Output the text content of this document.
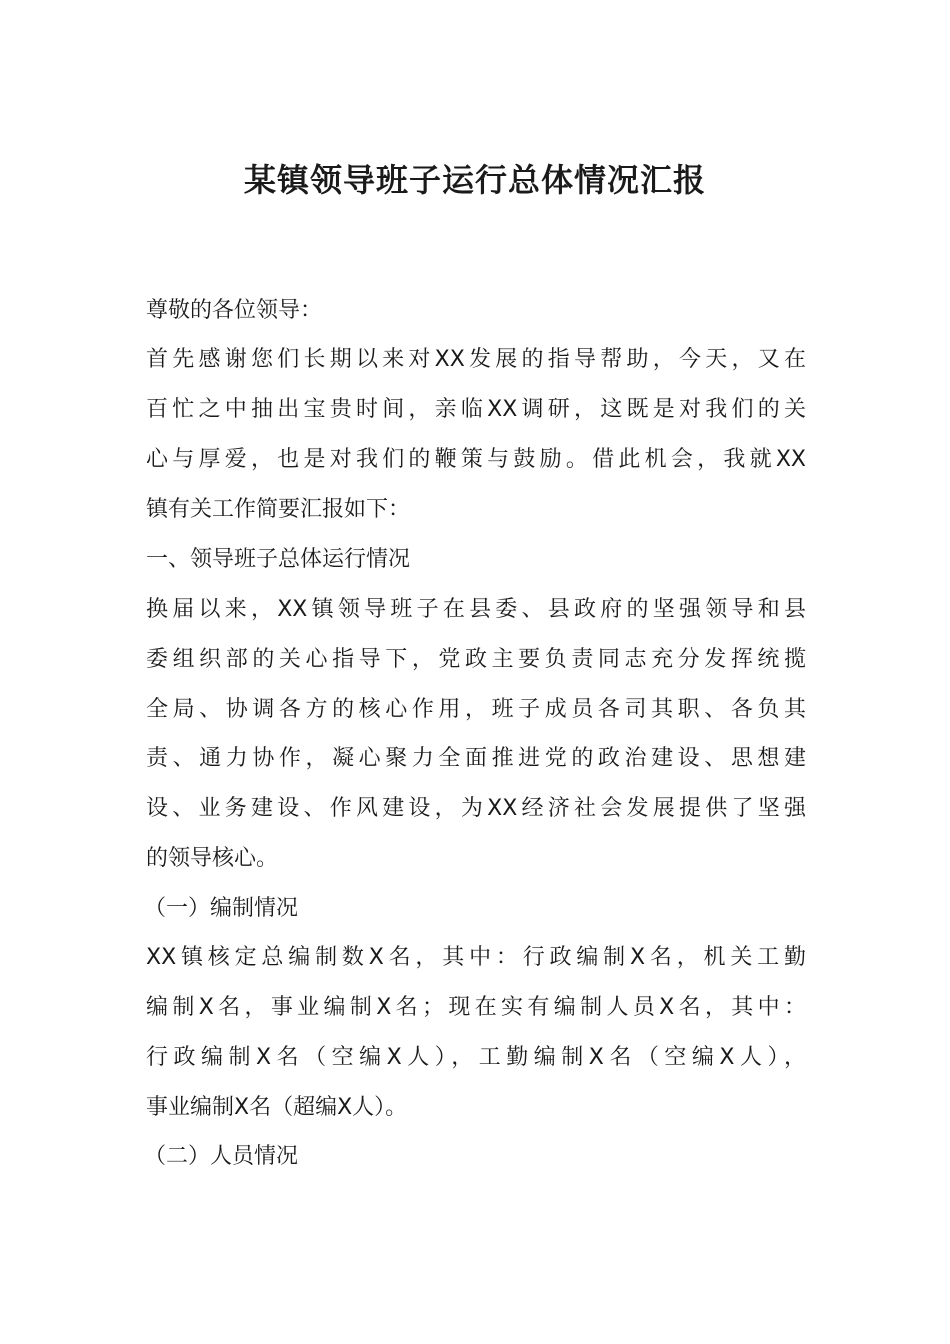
某镇领导班子运行总体情况汇报
尊敬的各位领导：
首先感谢您们长期以来对XX发展的指导帮助，今天，又在
百忙之中抽出宝贵时间，亲临XX调研，这既是对我们的关
心与厚爱，也是对我们的鞭策与鼓励。借此机会，我就XX
镇有关工作简要汇报如下：
一、领导班子总体运行情况
换届以来，XX镇领导班子在县委、县政府的坚强领导和县
委组织部的关心指导下，党政主要负责同志充分发挥统揽
全局、协调各方的核心作用，班子成员各司其职、各负其
责、通力协作，凝心聚力全面推进党的政治建设、思想建
设、业务建设、作风建设，为XX经济社会发展提供了坚强
的领导核心。
（一）编制情况
XX镇核定总编制数X名，其中：行政编制X名，机关工勤
编制X名，事业编制X名；现在实有编制人员X名，其中：
行政编制X名（空编X人），工勤编制X名（空编X人），
事业编制X名（超编X人）。
（二）人员情况
